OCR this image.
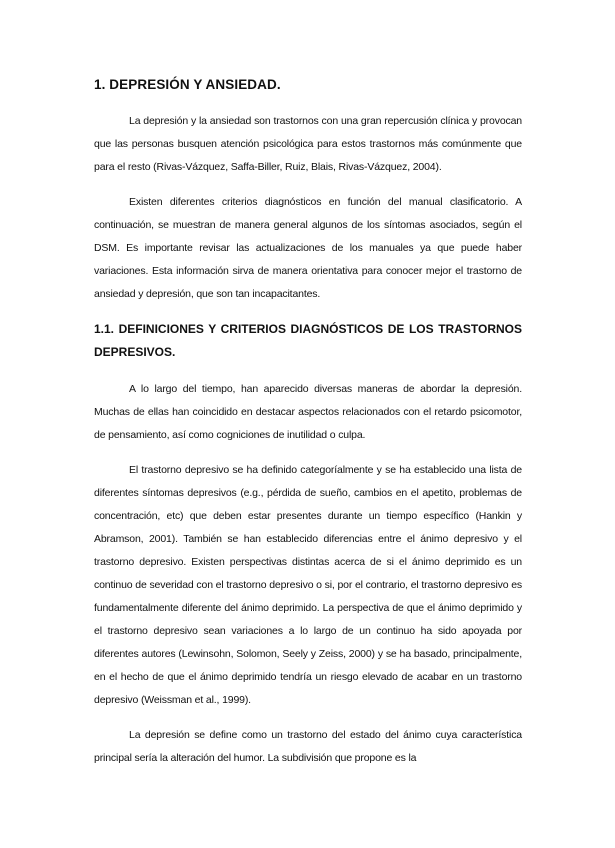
1. DEPRESIÓN Y ANSIEDAD.

La depresión y la ansiedad son trastornos con una gran repercusión clínica y provocan que las personas busquen atención psicológica para estos trastornos más comúnmente que para el resto (Rivas-Vázquez, Saffa-Biller, Ruiz, Blais, Rivas-Vázquez, 2004).

Existen diferentes criterios diagnósticos en función del manual clasificatorio. A continuación, se muestran de manera general algunos de los síntomas asociados, según el DSM. Es importante revisar las actualizaciones de los manuales ya que puede haber variaciones. Esta información sirva de manera orientativa para conocer mejor el trastorno de ansiedad y depresión, que son tan incapacitantes.

1.1. DEFINICIONES Y CRITERIOS DIAGNÓSTICOS DE LOS TRASTORNOS DEPRESIVOS.

A lo largo del tiempo, han aparecido diversas maneras de abordar la depresión. Muchas de ellas han coincidido en destacar aspectos relacionados con el retardo psicomotor, de pensamiento, así como cogniciones de inutilidad o culpa.

El trastorno depresivo se ha definido categoríalmente y se ha establecido una lista de diferentes síntomas depresivos (e.g., pérdida de sueño, cambios en el apetito, problemas de concentración, etc) que deben estar presentes durante un tiempo específico (Hankin y Abramson, 2001). También se han establecido diferencias entre el ánimo depresivo y el trastorno depresivo. Existen perspectivas distintas acerca de si el ánimo deprimido es un continuo de severidad con el trastorno depresivo o si, por el contrario, el trastorno depresivo es fundamentalmente diferente del ánimo deprimido. La perspectiva de que el ánimo deprimido y el trastorno depresivo sean variaciones a lo largo de un continuo ha sido apoyada por diferentes autores (Lewinsohn, Solomon, Seely y Zeiss, 2000) y se ha basado, principalmente, en el hecho de que el ánimo deprimido tendría un riesgo elevado de acabar en un trastorno depresivo (Weissman et al., 1999).

La depresión se define como un trastorno del estado del ánimo cuya característica principal sería la alteración del humor. La subdivisión que propone es la
